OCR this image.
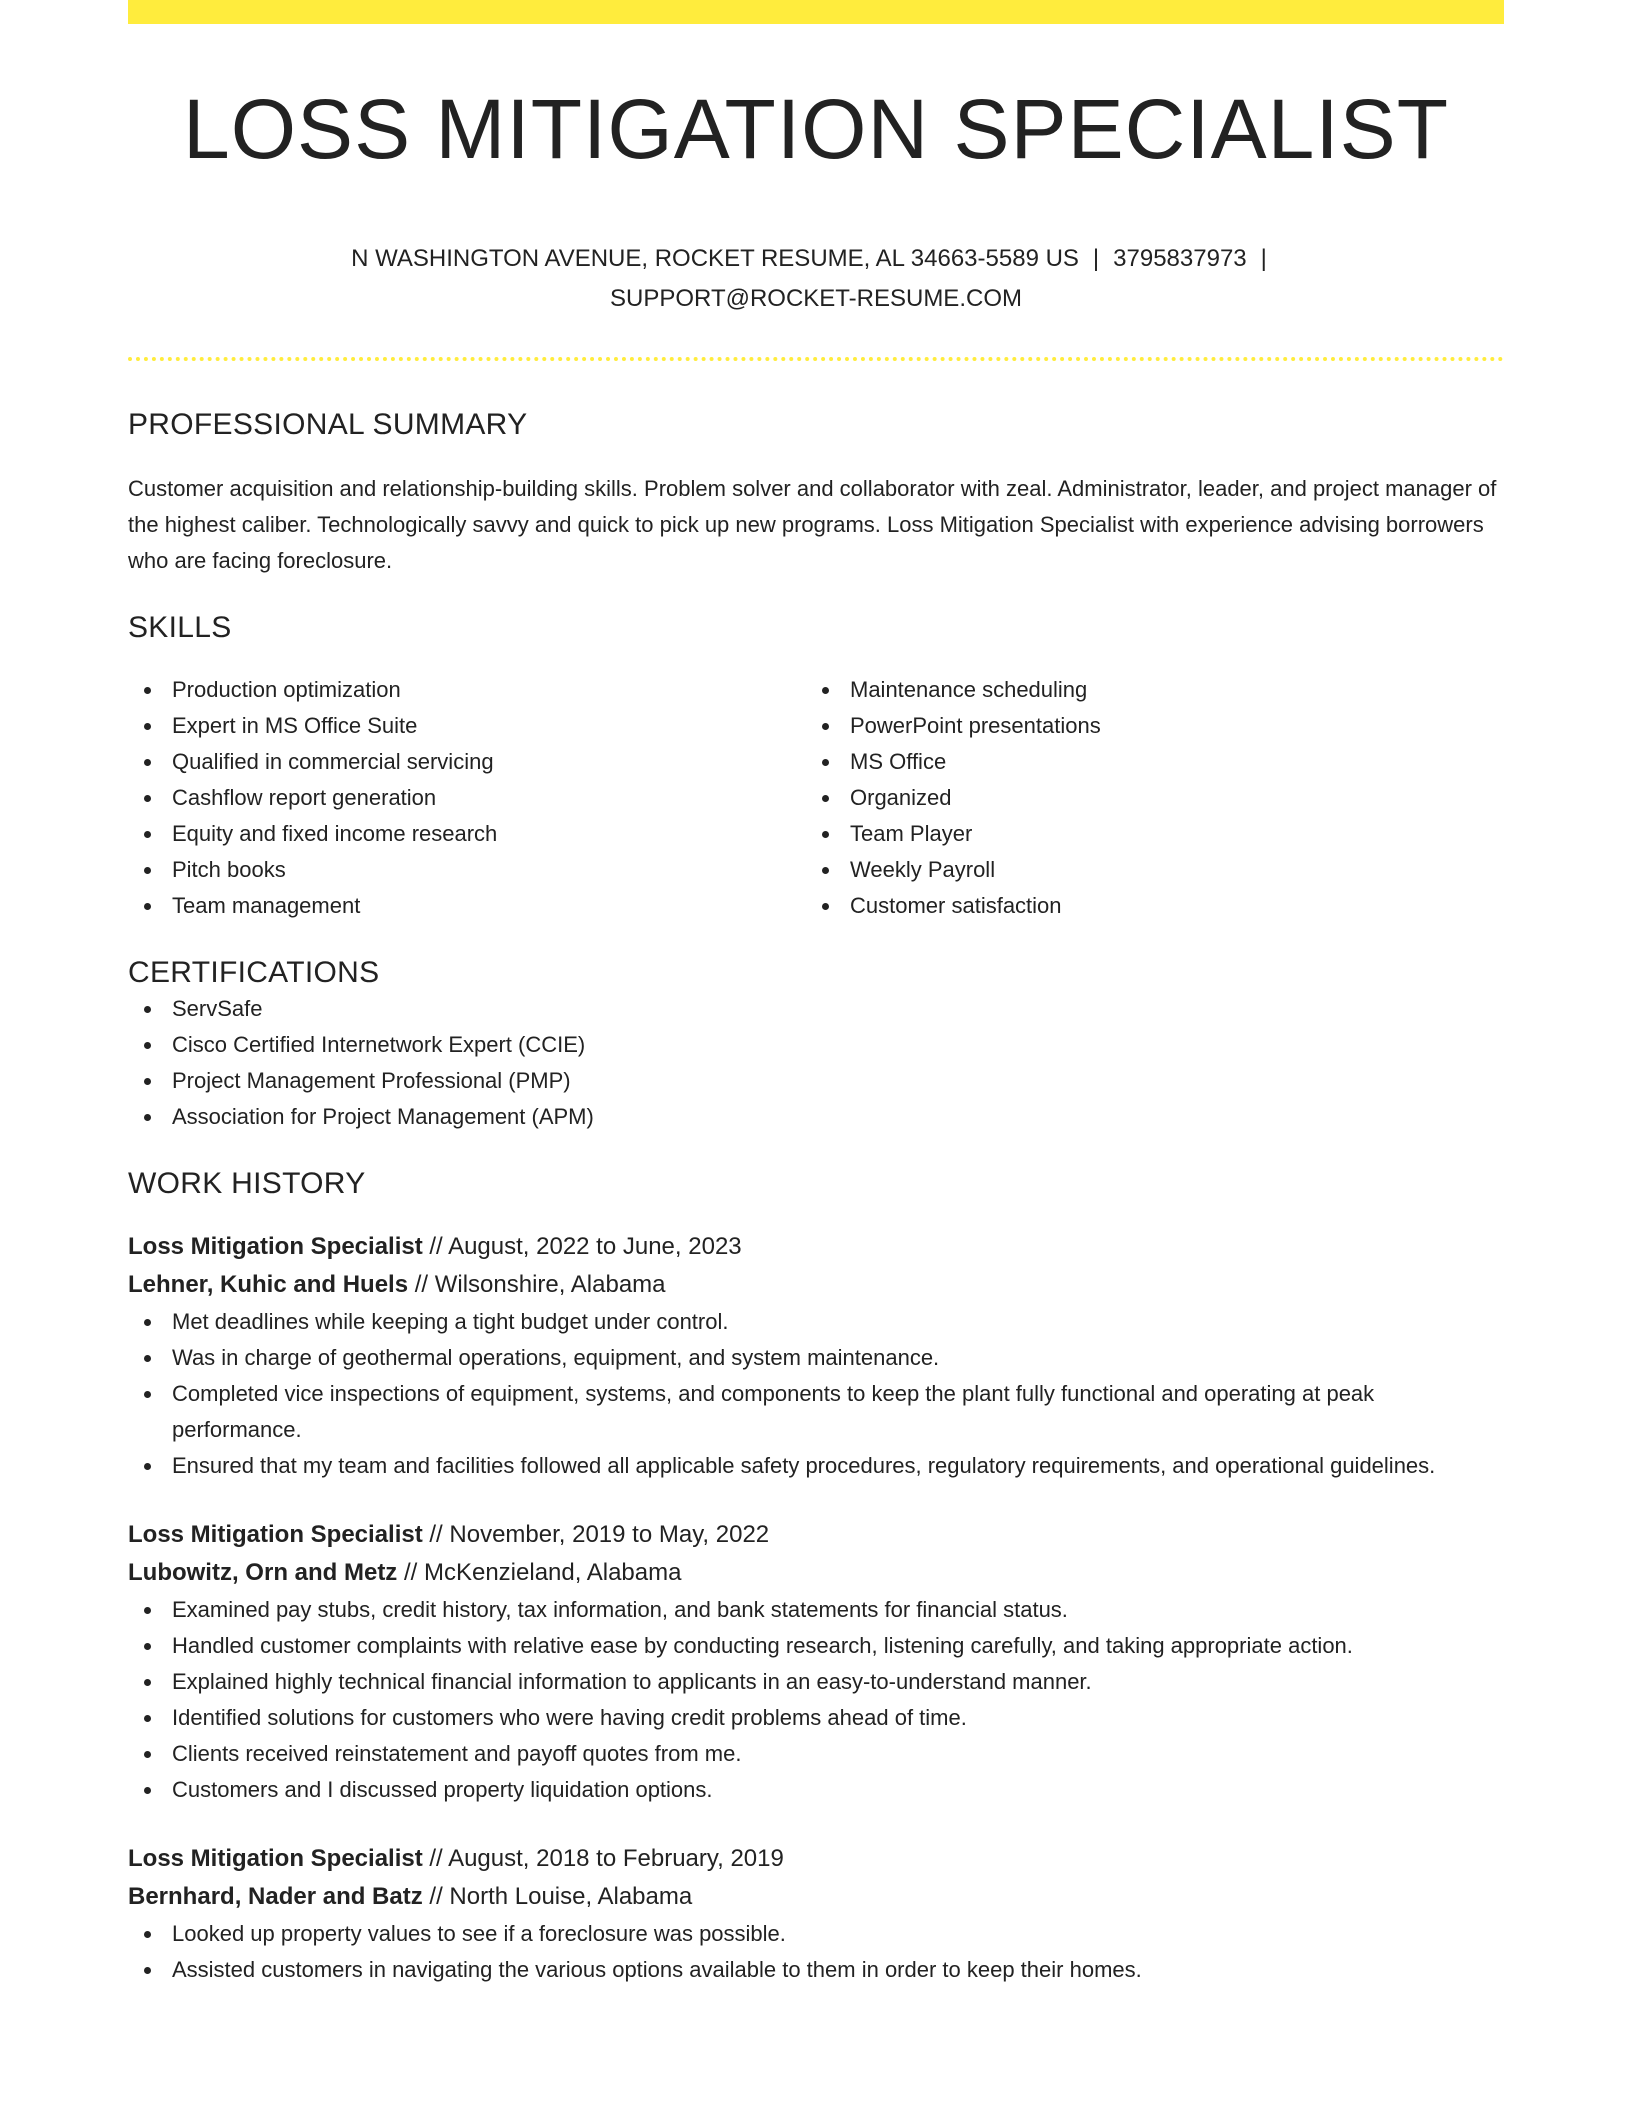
LOSS MITIGATION SPECIALIST
N WASHINGTON AVENUE, ROCKET RESUME, AL 34663-5589 US | 3795837973 |
SUPPORT@ROCKET-RESUME.COM
PROFESSIONAL SUMMARY

Customer acquisition and relationship-building skills. Problem solver and collaborator with zeal. Administrator, leader, and project manager of the highest caliber. Technologically savvy and quick to pick up new programs. Loss Mitigation Specialist with experience advising borrowers who are facing foreclosure.

SKILLS
Production optimization
Expert in MS Office Suite
Qualified in commercial servicing
Cashflow report generation
Equity and fixed income research
Pitch books
Team management
Maintenance scheduling
PowerPoint presentations
MS Office
Organized
Team Player
Weekly Payroll
Customer satisfaction
CERTIFICATIONS
ServSafe
Cisco Certified Internetwork Expert (CCIE)
Project Management Professional (PMP)
Association for Project Management (APM)
WORK HISTORY
Loss Mitigation Specialist // August, 2022 to June, 2023
Lehner, Kuhic and Huels // Wilsonshire, Alabama
Met deadlines while keeping a tight budget under control.
Was in charge of geothermal operations, equipment, and system maintenance.
Completed vice inspections of equipment, systems, and components to keep the plant fully functional and operating at peak performance.
Ensured that my team and facilities followed all applicable safety procedures, regulatory requirements, and operational guidelines.
Loss Mitigation Specialist // November, 2019 to May, 2022
Lubowitz, Orn and Metz // McKenzieland, Alabama
Examined pay stubs, credit history, tax information, and bank statements for financial status.
Handled customer complaints with relative ease by conducting research, listening carefully, and taking appropriate action.
Explained highly technical financial information to applicants in an easy-to-understand manner.
Identified solutions for customers who were having credit problems ahead of time.
Clients received reinstatement and payoff quotes from me.
Customers and I discussed property liquidation options.
Loss Mitigation Specialist // August, 2018 to February, 2019
Bernhard, Nader and Batz // North Louise, Alabama
Looked up property values to see if a foreclosure was possible.
Assisted customers in navigating the various options available to them in order to keep their homes.
